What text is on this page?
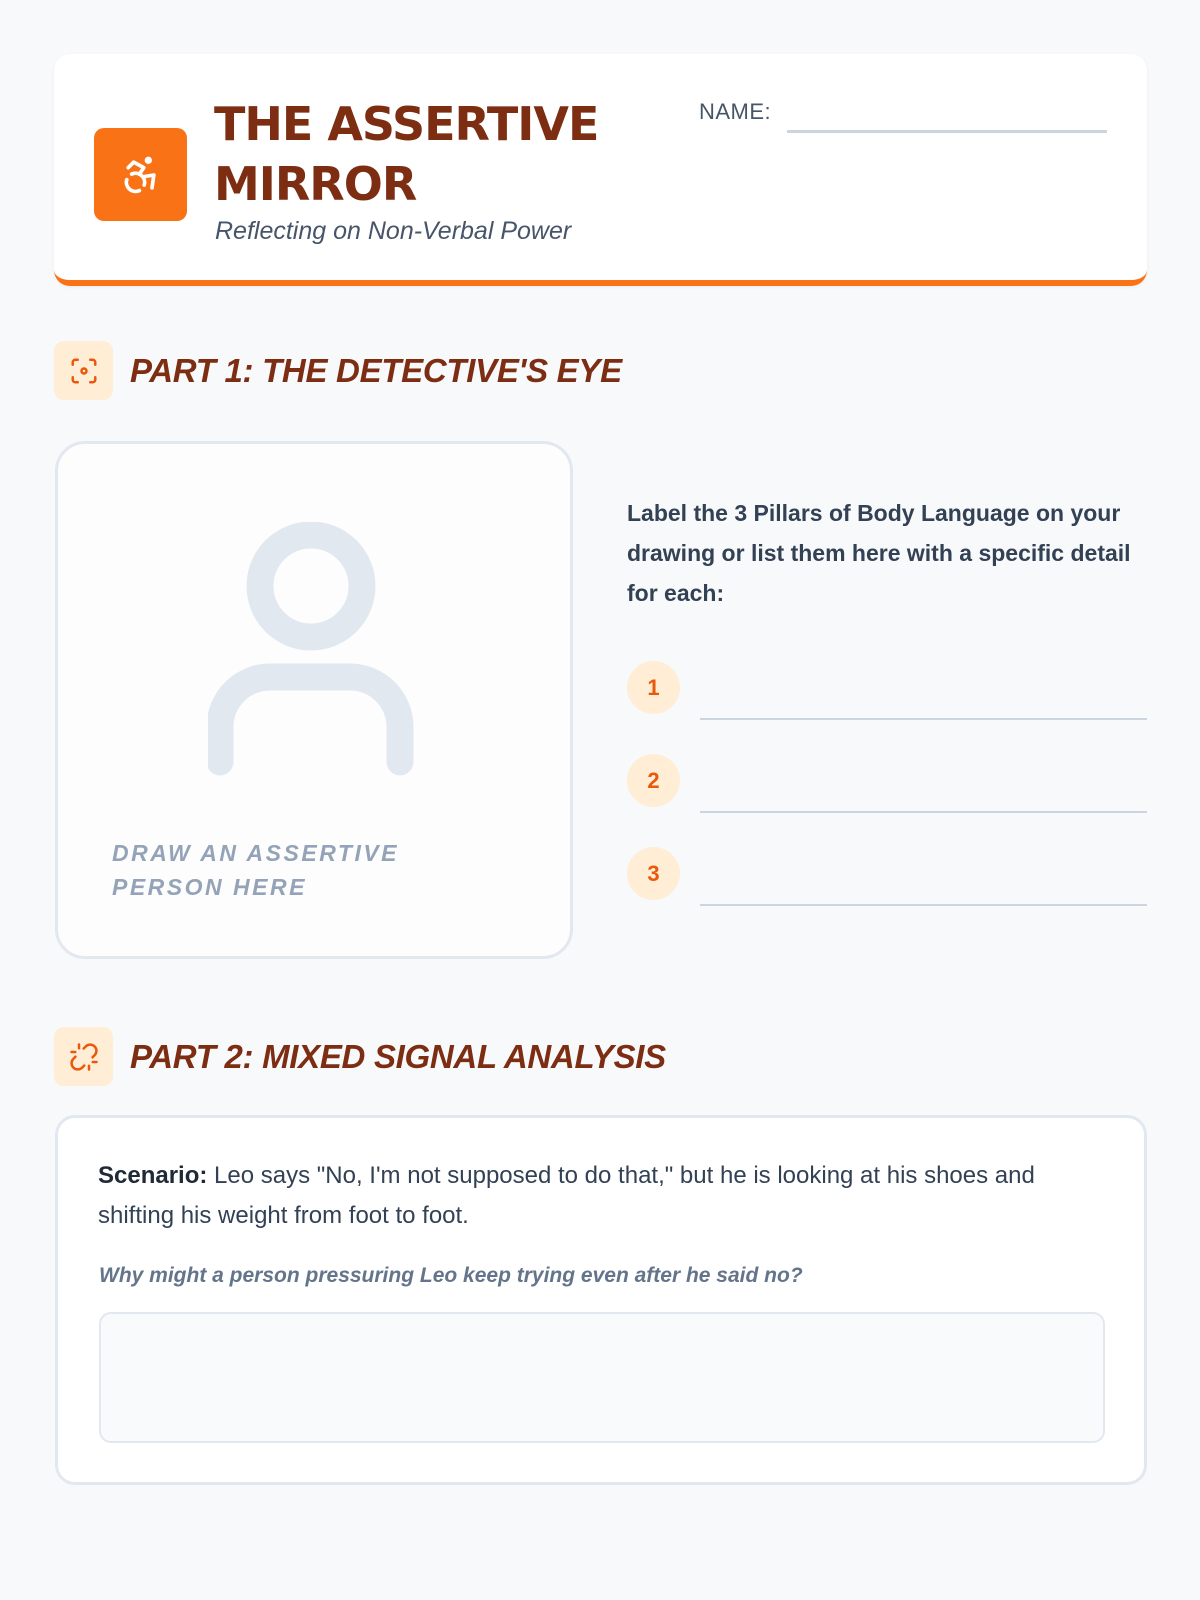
THE ASSERTIVE MIRROR
Reflecting on Non-Verbal Power
NAME:
PART 1: THE DETECTIVE'S EYE
DRAW AN ASSERTIVE PERSON HERE
Label the 3 Pillars of Body Language on your drawing or list them here with a specific detail for each:
1
2
3
PART 2: MIXED SIGNAL ANALYSIS
Scenario: Leo says "No, I'm not supposed to do that," but he is looking at his shoes and shifting his weight from foot to foot.
Why might a person pressuring Leo keep trying even after he said no?
